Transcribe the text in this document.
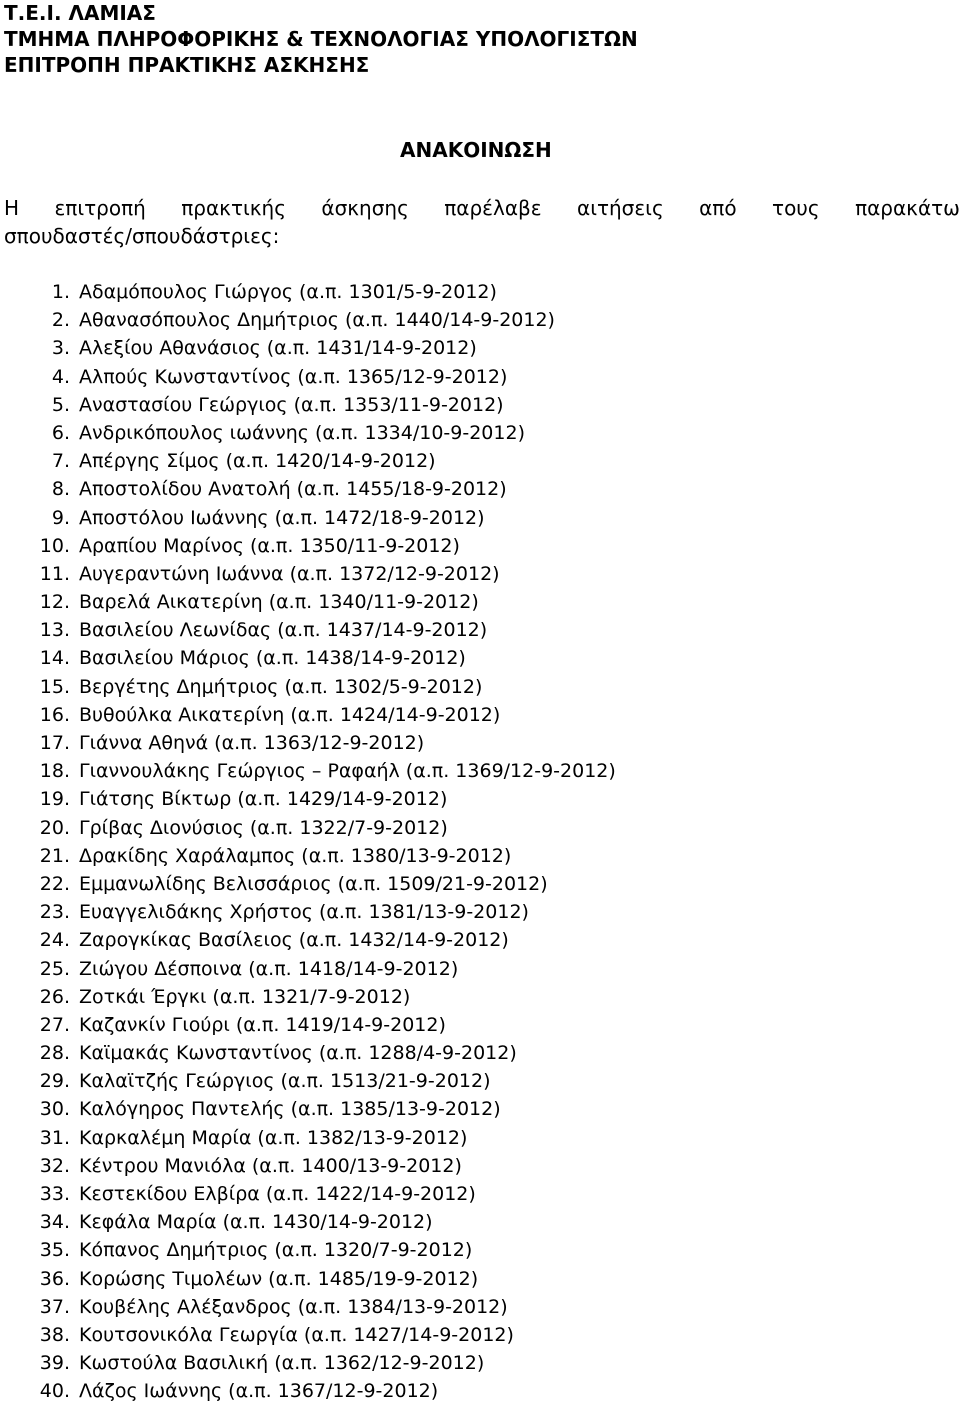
Τ.Ε.Ι. ΛΑΜΙΑΣ
ΤΜΗΜΑ ΠΛΗΡΟΦΟΡΙΚΗΣ & ΤΕΧΝΟΛΟΓΙΑΣ ΥΠΟΛΟΓΙΣΤΩΝ
ΕΠΙΤΡΟΠΗ ΠΡΑΚΤΙΚΗΣ ΑΣΚΗΣΗΣ
ΑΝΑΚΟΙΝΩΣΗ
Η επιτροπή πρακτικής άσκησης παρέλαβε αιτήσεις από τους παρακάτω
σπουδαστές/σπουδάστριες:
1. Αδαμόπουλος Γιώργος (α.π. 1301/5-9-2012)
2. Αθανασόπουλος Δημήτριος (α.π. 1440/14-9-2012)
3. Αλεξίου Αθανάσιος (α.π. 1431/14-9-2012)
4. Αλπούς Κωνσταντίνος (α.π. 1365/12-9-2012)
5. Αναστασίου Γεώργιος (α.π. 1353/11-9-2012)
6. Ανδρικόπουλος ιωάννης (α.π. 1334/10-9-2012)
7. Απέργης Σίμος (α.π. 1420/14-9-2012)
8. Αποστολίδου Ανατολή (α.π. 1455/18-9-2012)
9. Αποστόλου Ιωάννης (α.π. 1472/18-9-2012)
10. Αραπίου Μαρίνος (α.π. 1350/11-9-2012)
11. Αυγεραντώνη Ιωάννα (α.π. 1372/12-9-2012)
12. Βαρελά Αικατερίνη (α.π. 1340/11-9-2012)
13. Βασιλείου Λεωνίδας (α.π. 1437/14-9-2012)
14. Βασιλείου Μάριος (α.π. 1438/14-9-2012)
15. Βεργέτης Δημήτριος (α.π. 1302/5-9-2012)
16. Βυθούλκα Αικατερίνη (α.π. 1424/14-9-2012)
17. Γιάννα Αθηνά (α.π. 1363/12-9-2012)
18. Γιαννουλάκης Γεώργιος – Ραφαήλ (α.π. 1369/12-9-2012)
19. Γιάτσης Βίκτωρ (α.π. 1429/14-9-2012)
20. Γρίβας Διονύσιος (α.π. 1322/7-9-2012)
21. Δρακίδης Χαράλαμπος (α.π. 1380/13-9-2012)
22. Εμμανωλίδης Βελισσάριος (α.π. 1509/21-9-2012)
23. Ευαγγελιδάκης Χρήστος (α.π. 1381/13-9-2012)
24. Ζαρογκίκας Βασίλειος (α.π. 1432/14-9-2012)
25. Ζιώγου Δέσποινα (α.π. 1418/14-9-2012)
26. Ζοτκάι Έργκι (α.π. 1321/7-9-2012)
27. Καζανκίν Γιούρι (α.π. 1419/14-9-2012)
28. Καϊμακάς Κωνσταντίνος (α.π. 1288/4-9-2012)
29. Καλαϊτζής Γεώργιος (α.π. 1513/21-9-2012)
30. Καλόγηρος Παντελής (α.π. 1385/13-9-2012)
31. Καρκαλέμη Μαρία (α.π. 1382/13-9-2012)
32. Κέντρου Μανιόλα (α.π. 1400/13-9-2012)
33. Κεστεκίδου Ελβίρα (α.π. 1422/14-9-2012)
34. Κεφάλα Μαρία (α.π. 1430/14-9-2012)
35. Κόπανος Δημήτριος (α.π. 1320/7-9-2012)
36. Κορώσης Τιμολέων (α.π. 1485/19-9-2012)
37. Κουβέλης Αλέξανδρος (α.π. 1384/13-9-2012)
38. Κουτσονικόλα Γεωργία (α.π. 1427/14-9-2012)
39. Κωστούλα Βασιλική (α.π. 1362/12-9-2012)
40. Λάζος Ιωάννης (α.π. 1367/12-9-2012)
